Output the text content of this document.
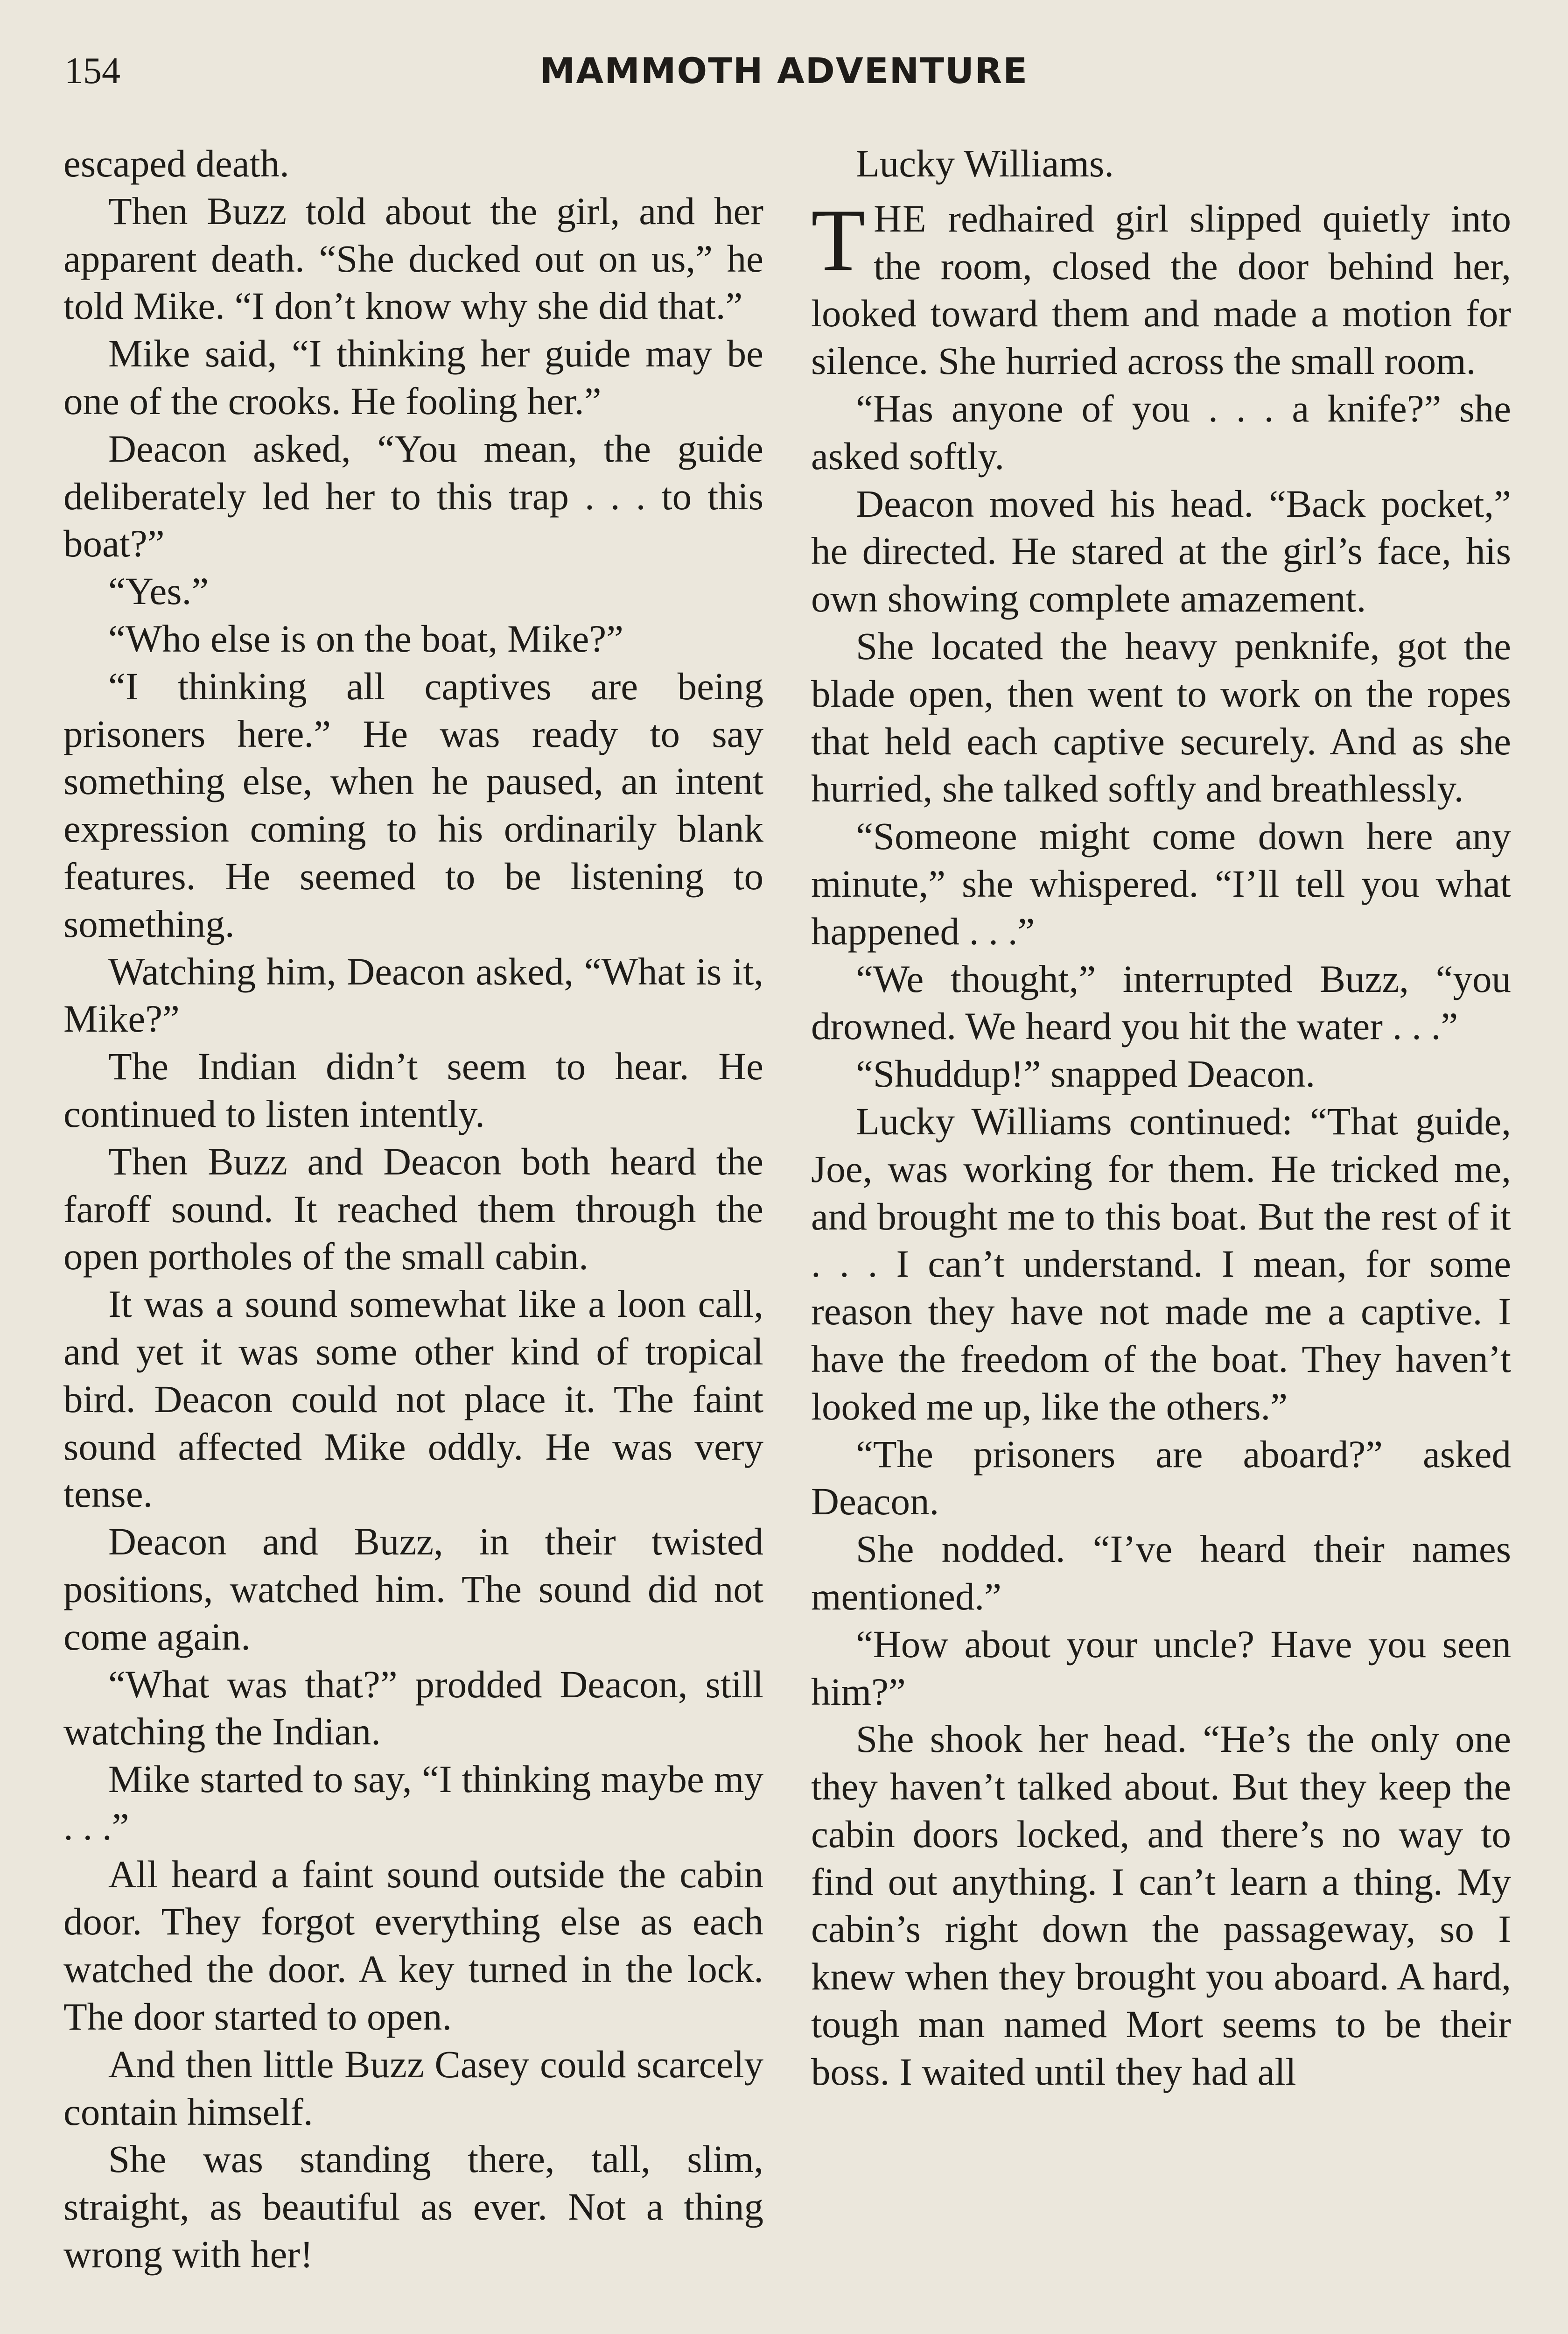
154	MAMMOTH ADVENTURE

escaped death.

Then Buzz told about the girl, and her apparent death. “She ducked out on us,” he told Mike. “I don’t know why she did that.”

Mike said, “I thinking her guide may be one of the crooks. He fooling her.”

Deacon asked, “You mean, the guide deliberately led her to this trap . . . to this boat?”

“Yes.”

“Who else is on the boat, Mike?”

“I thinking all captives are being prisoners here.” He was ready to say something else, when he paused, an intent expression coming to his ordinarily blank features. He seemed to be listening to something.

Watching him, Deacon asked, “What is it, Mike?”

The Indian didn’t seem to hear. He continued to listen intently.

Then Buzz and Deacon both heard the faroff sound. It reached them through the open portholes of the small cabin.

It was a sound somewhat like a loon call, and yet it was some other kind of tropical bird. Deacon could not place it. The faint sound affected Mike oddly. He was very tense.

Deacon and Buzz, in their twisted positions, watched him. The sound did not come again.

“What was that?” prodded Deacon, still watching the Indian.

Mike started to say, “I thinking maybe my . . .”

All heard a faint sound outside the cabin door. They forgot everything else as each watched the door. A key turned in the lock. The door started to open.

And then little Buzz Casey could scarcely contain himself.

She was standing there, tall, slim, straight, as beautiful as ever. Not a thing wrong with her!

Lucky Williams.

THE redhaired girl slipped quietly into the room, closed the door behind her, looked toward them and made a motion for silence. She hurried across the small room.

“Has anyone of you . . . a knife?” she asked softly.

Deacon moved his head. “Back pocket,” he directed. He stared at the girl’s face, his own showing complete amazement.

She located the heavy penknife, got the blade open, then went to work on the ropes that held each captive securely. And as she hurried, she talked softly and breathlessly.

“Someone might come down here any minute,” she whispered. “I’ll tell you what happened . . .”

“We thought,” interrupted Buzz, “you drowned. We heard you hit the water . . .”

“Shuddup!” snapped Deacon.

Lucky Williams continued: “That guide, Joe, was working for them. He tricked me, and brought me to this boat. But the rest of it . . . I can’t understand. I mean, for some reason they have not made me a captive. I have the freedom of the boat. They haven’t looked me up, like the others.”

“The prisoners are aboard?” asked Deacon.

She nodded. “I’ve heard their names mentioned.”

“How about your uncle? Have you seen him?”

She shook her head. “He’s the only one they haven’t talked about. But they keep the cabin doors locked, and there’s no way to find out anything. I can’t learn a thing. My cabin’s right down the passageway, so I knew when they brought you aboard. A hard, tough man named Mort seems to be their boss. I waited until they had all
